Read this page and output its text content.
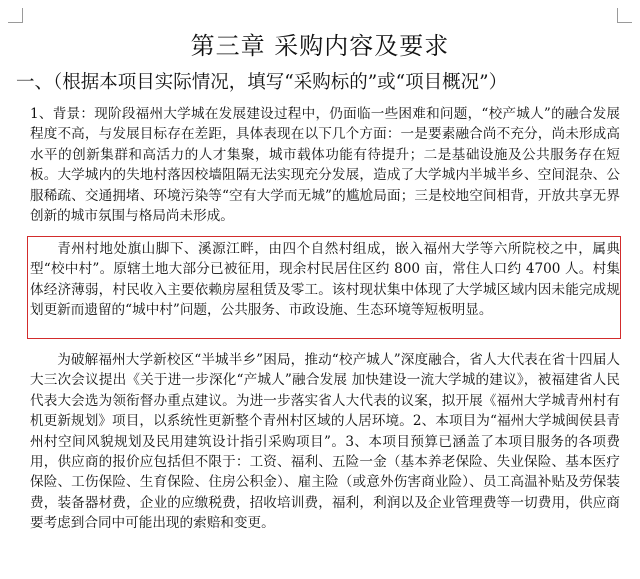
第三章 采购内容及要求
一、（根据本项目实际情况，填写“采购标的”或“项目概况”）
1、背景：现阶段福州大学城在发展建设过程中，仍面临一些困难和问题，“校产城人”的融合发展程度不高，与发展目标存在差距，具体表现在以下几个方面：一是要素融合尚不充分，尚未形成高水平的创新集群和高活力的人才集聚，城市载体功能有待提升；二是基础设施及公共服务存在短板。大学城内的失地村落因校墙阻隔无法实现充分发展，造成了大学城内半城半乡、空间混杂、公服稀疏、交通拥堵、环境污染等“空有大学而无城”的尴尬局面；三是校地空间相背，开放共享无界创新的城市氛围与格局尚未形成。
青州村地处旗山脚下、溪源江畔，由四个自然村组成，嵌入福州大学等六所院校之中，属典型“校中村”。原辖土地大部分已被征用，现余村民居住区约 800 亩，常住人口约 4700 人。村集体经济薄弱，村民收入主要依赖房屋租赁及零工。该村现状集中体现了大学城区域内因未能完成规划更新而遗留的“城中村”问题，公共服务、市政设施、生态环境等短板明显。
为破解福州大学新校区“半城半乡”困局，推动“校产城人”深度融合，省人大代表在省十四届人大三次会议提出《关于进一步深化“产城人”融合发展 加快建设一流大学城的建议》，被福建省人民代表大会选为领衔督办重点建议。为进一步落实省人大代表的议案，拟开展《福州大学城青州村有机更新规划》项目，以系统性更新整个青州村区域的人居环境。2、本项目为“福州大学城闽侯县青州村空间风貌规划及民用建筑设计指引采购项目”。3、本项目预算已涵盖了本项目服务的各项费用，供应商的报价应包括但不限于：工资、福利、五险一金（基本养老保险、失业保险、基本医疗保险、工伤保险、生育保险、住房公积金）、雇主险（或意外伤害商业险）、员工高温补贴及劳保装费，装备器材费，企业的应缴税费，招收培训费，福利，利润以及企业管理费等一切费用，供应商要考虑到合同中可能出现的索赔和变更。
